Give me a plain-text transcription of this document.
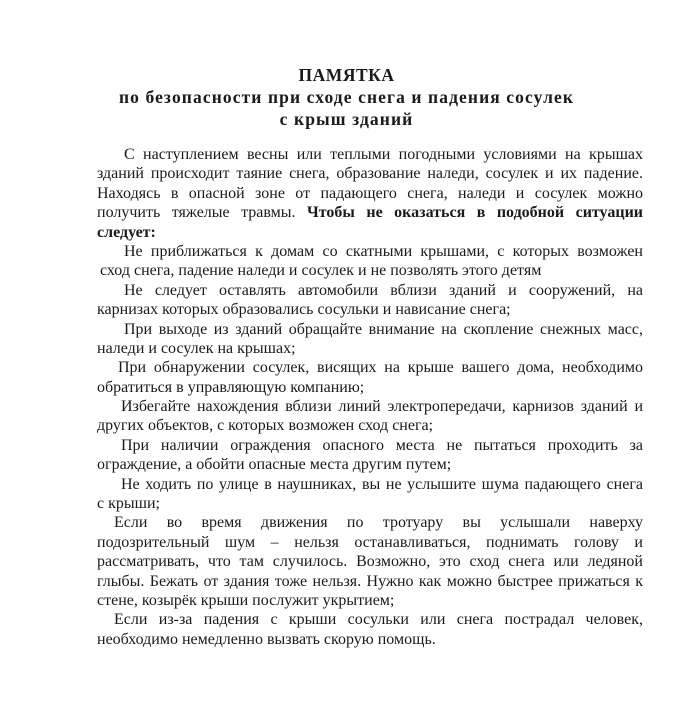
ПАМЯТКА
по безопасности при сходе снега и падения сосулек
с крыш зданий
С наступлением весны или теплыми погодными условиями на крышах
зданий происходит таяние снега, образование наледи, сосулек и их падение.
Находясь в опасной зоне от падающего снега, наледи и сосулек можно
получить тяжелые травмы. Чтобы не оказаться в подобной ситуации
следует:
Не приближаться к домам со скатными крышами, с которых возможен
сход снега, падение наледи и сосулек и не позволять этого детям
Не следует оставлять автомобили вблизи зданий и сооружений, на
карнизах которых образовались сосульки и нависание снега;
При выходе из зданий обращайте внимание на скопление снежных масс,
наледи и сосулек на крышах;
При обнаружении сосулек, висящих на крыше вашего дома, необходимо
обратиться в управляющую компанию;
Избегайте нахождения вблизи линий электропередачи, карнизов зданий и
других объектов, с которых возможен сход снега;
При наличии ограждения опасного места не пытаться проходить за
ограждение, а обойти опасные места другим путем;
Не ходить по улице в наушниках, вы не услышите шума падающего снега
с крыши;
Если во время движения по тротуару вы услышали наверху
подозрительный шум – нельзя останавливаться, поднимать голову и
рассматривать, что там случилось. Возможно, это сход снега или ледяной
глыбы. Бежать от здания тоже нельзя. Нужно как можно быстрее прижаться к
стене, козырёк крыши послужит укрытием;
Если из-за падения с крыши сосульки или снега пострадал человек,
необходимо немедленно вызвать скорую помощь.
